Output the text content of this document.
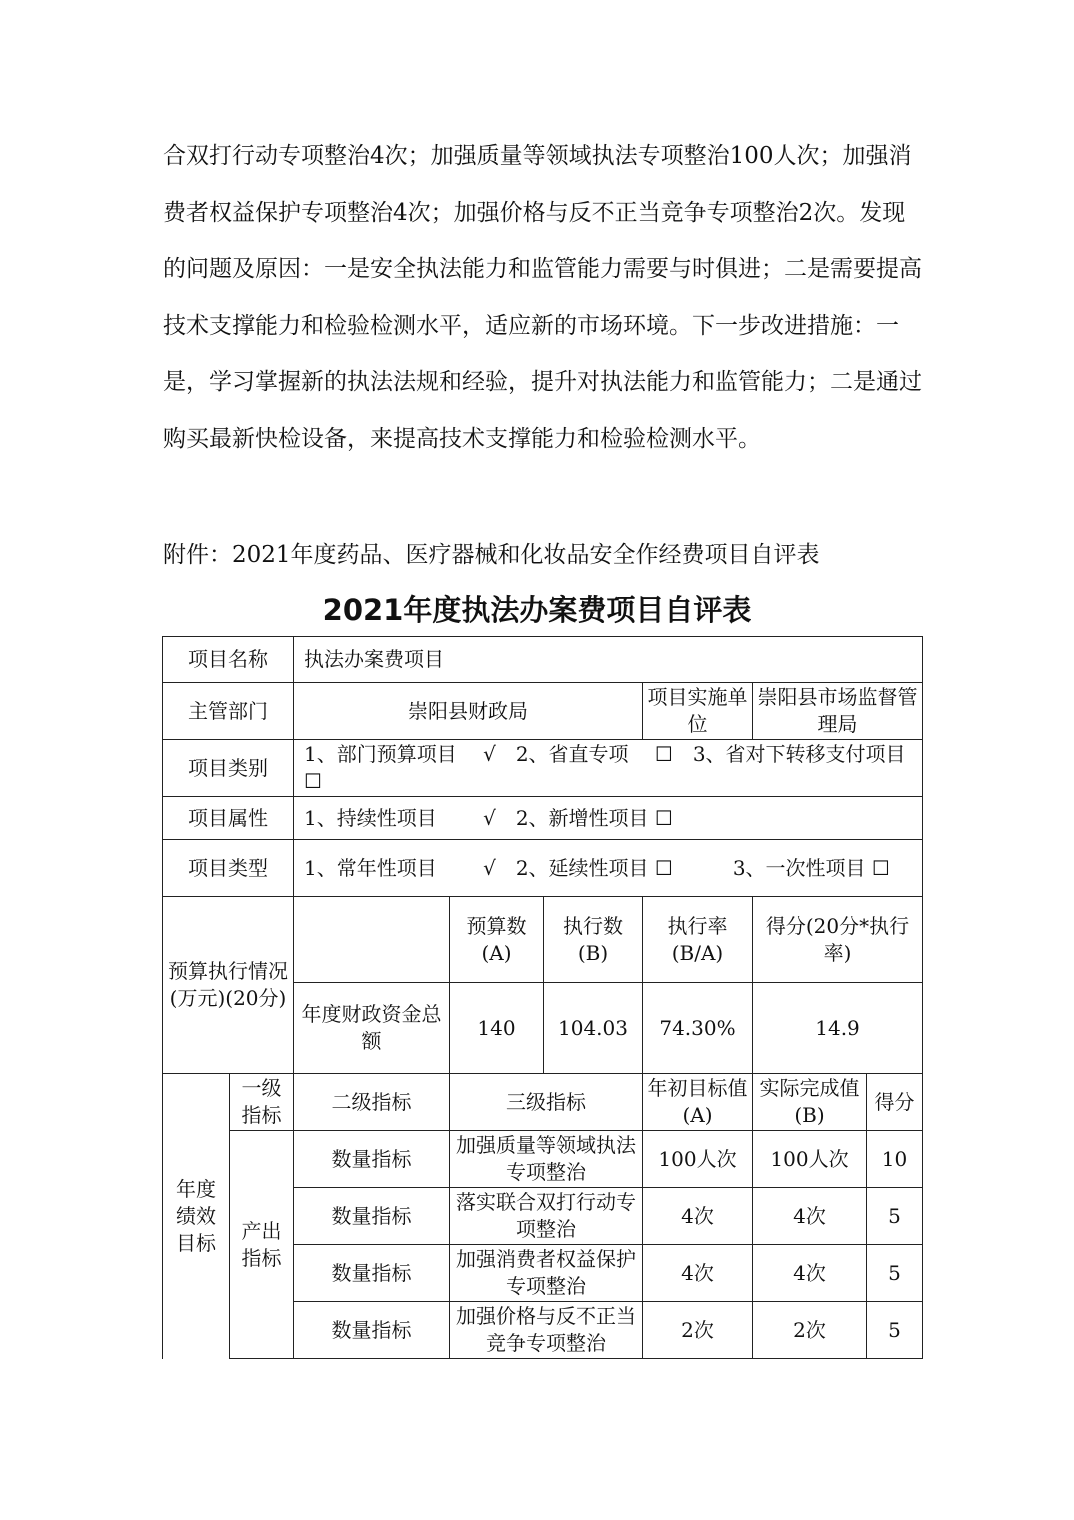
合双打行动专项整治4次；加强质量等领域执法专项整治100人次；加强消费者权益保护专项整治4次；加强价格与反不正当竞争专项整治2次。发现的问题及原因：一是安全执法能力和监管能力需要与时俱进；二是需要提高技术支撑能力和检验检测水平，适应新的市场环境。下一步改进措施：一是，学习掌握新的执法法规和经验，提升对执法能力和监管能力；二是通过购买最新快检设备，来提高技术支撑能力和检验检测水平。

附件：2021年度药品、医疗器械和化妆品安全作经费项目自评表

2021年度执法办案费项目自评表

项目名称		执法办案费项目					
主管部门		崇阳县财政局			项目实施单位	崇阳县市场监督管理局	
项目类别		1、部门预算项目　 √　2、省直专项　 ☐　3、省对下转移支付项目 ☐					
项目属性		1、持续性项目　　 √　2、新增性项目 ☐					
项目类型		1、常年性项目　　 √　2、延续性项目 ☐　　　3、一次性项目 ☐					
预算执行情况　(万元)(20分)			预算数(A)	执行数(B)	执行率(B/A)	得分(20分*执行率)	
		年度财政资金总额	140	104.03	74.30%	14.9	
年度绩效目标	一级指标	二级指标	三级指标		年初目标值(A)	实际完成值(B)	得分
	产出指标	数量指标	加强质量等领域执法专项整治		100人次	100人次	10
		数量指标	落实联合双打行动专项整治		4次	4次	5
		数量指标	加强消费者权益保护专项整治		4次	4次	5
		数量指标	加强价格与反不正当竞争专项整治		2次	2次	5
